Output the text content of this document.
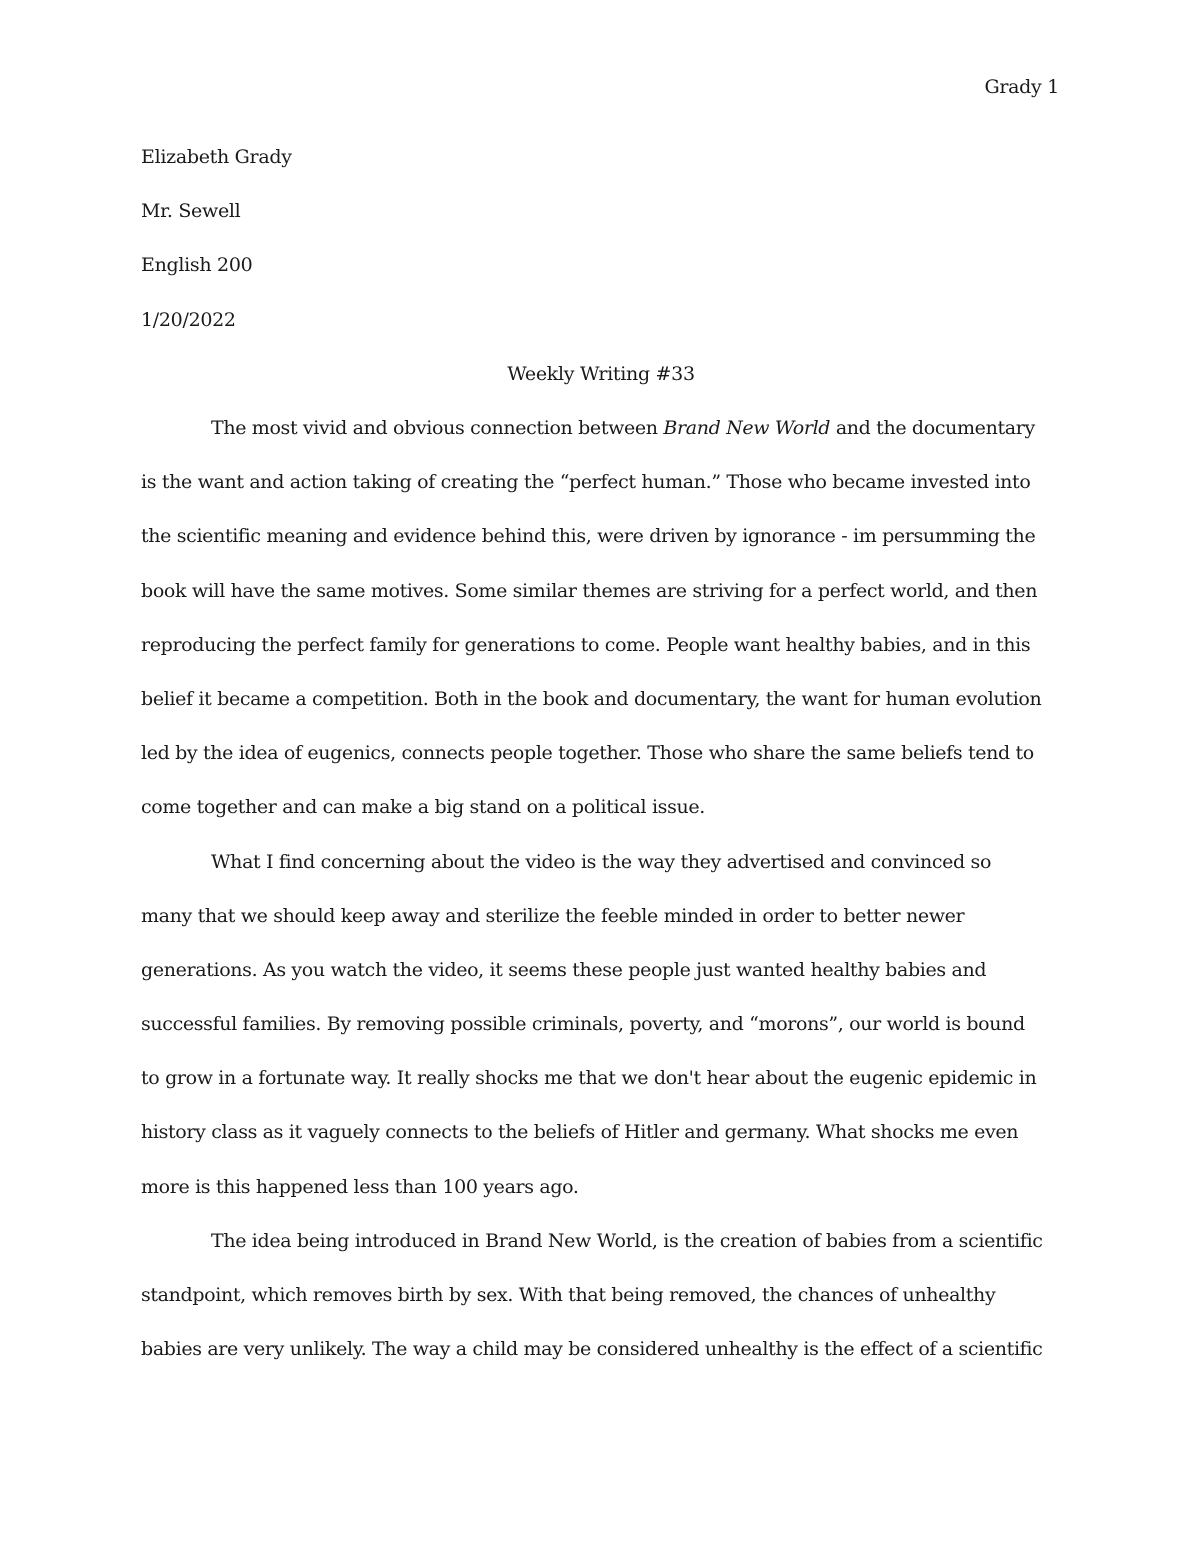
Grady 1
Elizabeth Grady
Mr. Sewell
English 200
1/20/2022
Weekly Writing #33
The most vivid and obvious connection between Brand New World and the documentary
is the want and action taking of creating the “perfect human.” Those who became invested into
the scientific meaning and evidence behind this, were driven by ignorance - im persumming the
book will have the same motives. Some similar themes are striving for a perfect world, and then
reproducing the perfect family for generations to come. People want healthy babies, and in this
belief it became a competition. Both in the book and documentary, the want for human evolution
led by the idea of eugenics, connects people together. Those who share the same beliefs tend to
come together and can make a big stand on a political issue.
What I find concerning about the video is the way they advertised and convinced so
many that we should keep away and sterilize the feeble minded in order to better newer
generations. As you watch the video, it seems these people just wanted healthy babies and
successful families. By removing possible criminals, poverty, and “morons”, our world is bound
to grow in a fortunate way. It really shocks me that we don't hear about the eugenic epidemic in
history class as it vaguely connects to the beliefs of Hitler and germany. What shocks me even
more is this happened less than 100 years ago.
The idea being introduced in Brand New World, is the creation of babies from a scientific
standpoint, which removes birth by sex. With that being removed, the chances of unhealthy
babies are very unlikely. The way a child may be considered unhealthy is the effect of a scientific
